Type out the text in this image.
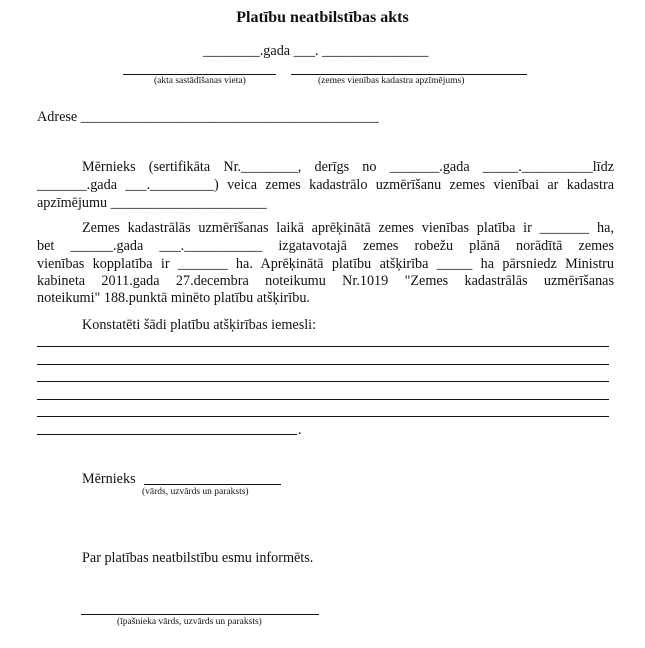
Platību neatbilstības akts
________.gada ___. _______________
(akta sastādīšanas vieta)	(zemes vienības kadastra apzīmējums)
Adrese __________________________________________
Mērnieks (sertifikāta Nr.________, derīgs no _______.gada _____.__________līdz
_______.gada ___._________) veica zemes kadastrālo uzmērīšanu zemes vienībai ar kadastra
apzīmējumu ______________________
Zemes kadastrālās uzmērīšanas laikā aprēķinātā zemes vienības platība ir _______ ha,
bet ______.gada ___.___________ izgatavotajā zemes robežu plānā norādītā zemes
vienības kopplatība ir _______ ha. Aprēķinātā platību atšķirība _____ ha pārsniedz Ministru
kabineta 2011.gada 27.decembra noteikumu Nr.1019 "Zemes kadastrālās uzmērīšanas
noteikumi" 188.punktā minēto platību atšķirību.
Konstatēti šādi platību atšķirības iemesli:
.
Mērnieks
(vārds, uzvārds un paraksts)
Par platības neatbilstību esmu informēts.
(īpašnieka vārds, uzvārds un paraksts)
